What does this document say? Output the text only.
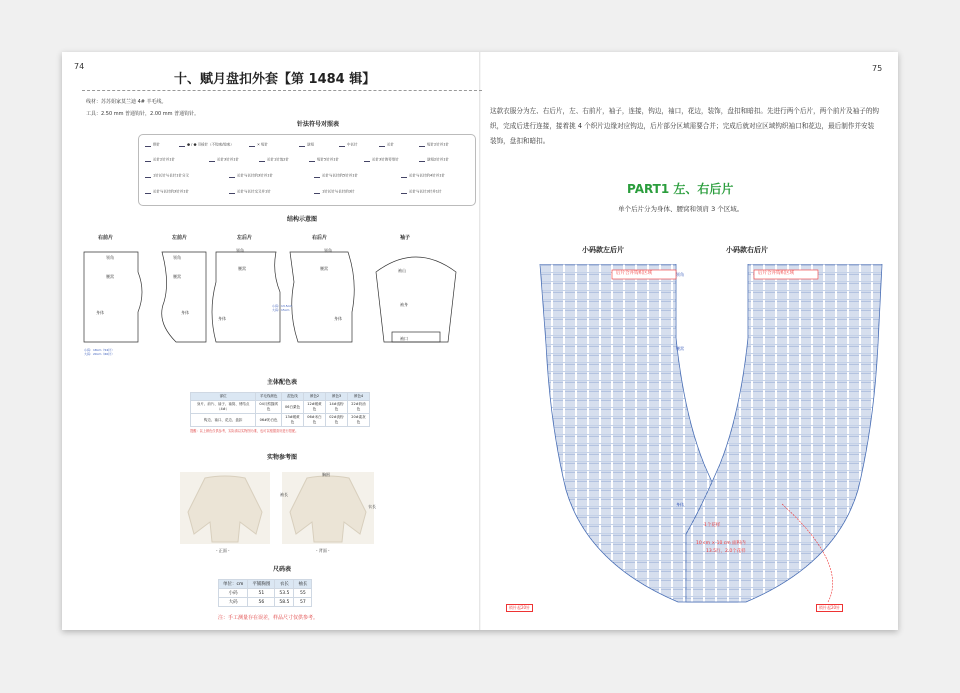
74
十、赋月盘扣外套【第 1484 辑】
线材：苏苏姐家莫兰迪 4# 羊毛线。
工具：2.50 mm 普通钩针，2.00 mm 普通钩针。
针法符号对照表
锁针	● / ● 引拔针（不钩束/钩束）	× 短针	逆短	中长针	长针	短针2针并1针
长针2针并1针	长针3针并1针	长针1针放2针	短针5针并1针	长针3针的枣形针	逆短2针并1针
1针长针与长针1针分叉	长针与长针的3针并1针	长针与长针的5针并1针	长针与长针的4针并1针
长针与长针的3针并1针	长针与长针交叉并1针	1针长针与长针的3针	长针与长针3针并1针
结构示意图
右前片	左前片	左后片	右后片	袖子
领角
腰窝
身体
领角
腰窝
身体
领角
腰窝
身体
领角
腰窝
身体
袖山
袖身
袖口
小码：18cm（54针）
大码：20cm（60针）
小码：13.5cm
大码：15cm
主体配色表
部位	羊毛线颜色	混色线	颜色2	颜色3	颜色4
身片、前片、袖子、袖窝、绣结点（4#）	04月熊猫绒色	06白栗色	12#暖黄色	14#浅粉色	22#奶油色
钩边、袖口、花边、盘扣	06#奶白色	13#暖黄色	06#米白色	02#淡粉色	20#素灰色
提醒：以上颜色仅供参考，实际请以实物图为准，也可以根据喜好进行搭配。
实物参考图
- 正面 -	- 背面 -
胸围
袖长
衣长
尺码表
单位：cm	平铺胸围	衣长	袖长
小码	51	53.5	55
大码	56	58.5	57
注：手工测量存在误差，样品尺寸仅供参考。
75
这款衣服分为左、右后片，左、右前片，袖子，连接，钩边，袖口，花边，装饰，盘扣和暗扣。先进行两个后片，两个前片及袖子的钩织，完成后进行连接，接着挑 4 个织片边缘对应钩边，后片部分区域需要合并；完成后就对应区域钩织袖口和花边，最后制作并安装装饰，盘扣和暗扣。
PART1 左、右后片
单个后片分为身体、腰窝和领肩 3 个区域。
小码款左后片	小码款右后片
后片合并钩织区域	后片合并钩织区域
领角
腰窝
身体
1个花样
10 cm × 10 cm 面积内
13.5行，2.0个花样
锁针起20针	锁针起20针
